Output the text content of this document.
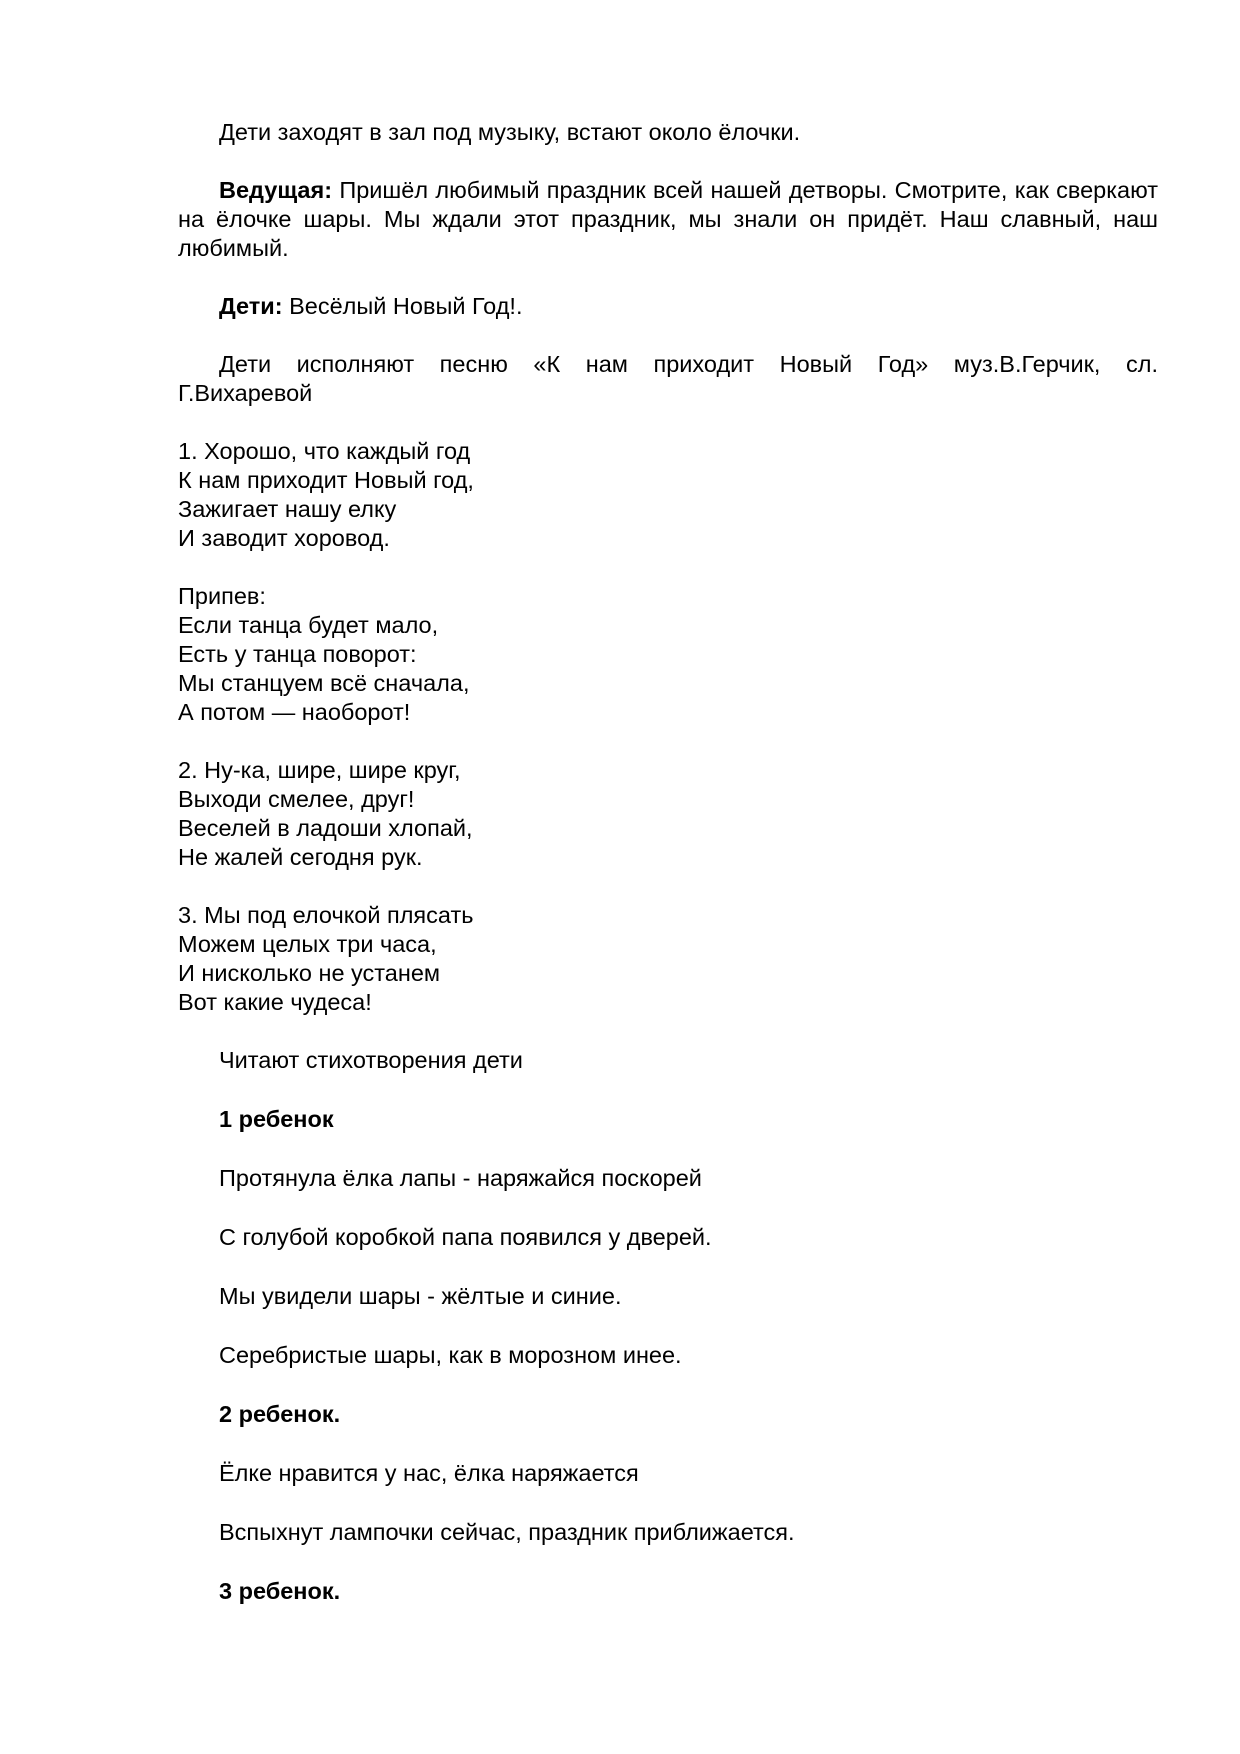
Дети заходят в зал под музыку, встают около ёлочки.

Ведущая: Пришёл любимый праздник всей нашей детворы. Смотрите, как сверкают на ёлочке шары. Мы ждали этот праздник, мы знали он придёт. Наш славный, наш любимый.

Дети: Весёлый Новый Год!.

Дети исполняют песню «К нам приходит Новый Год» муз.В.Герчик, сл. Г.Вихаревой

1. Хорошо, что каждый год

К нам приходит Новый год,

Зажигает нашу елку

И заводит хоровод.

Припев:

Если танца будет мало,

Есть у танца поворот:

Мы станцуем всё сначала,

А потом — наоборот!

2. Ну-ка, шире, шире круг,

Выходи смелее, друг!

Веселей в ладоши хлопай,

Не жалей сегодня рук.

3. Мы под елочкой плясать

Можем целых три часа,

И нисколько не устанем

Вот какие чудеса!

Читают стихотворения дети

1 ребенок

Протянула ёлка лапы - наряжайся поскорей

С голубой коробкой папа появился у дверей.

Мы увидели шары - жёлтые и синие.

Серебристые шары, как в морозном инее.

2 ребенок.

Ёлке нравится у нас, ёлка наряжается

Вспыхнут лампочки сейчас, праздник приближается.

3 ребенок.
